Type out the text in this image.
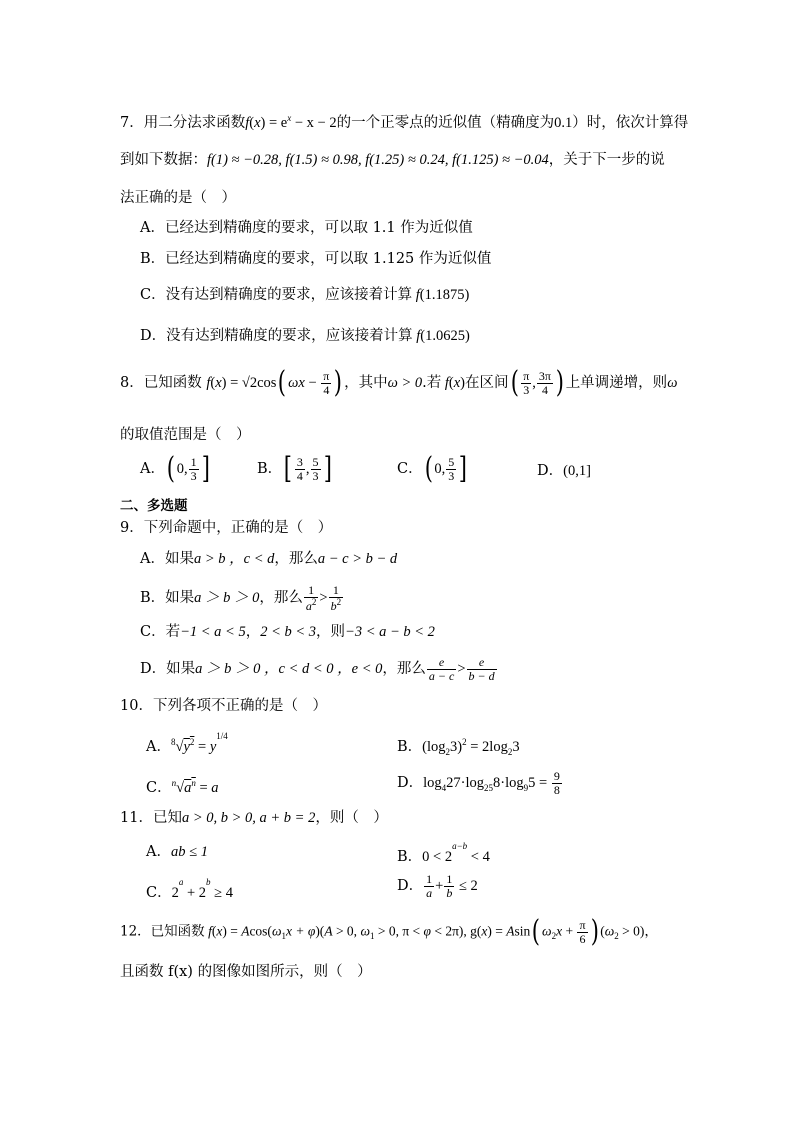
7．用二分法求函数$f(x) = e^x - x - 2$的一个正零点的近似值（精确度为0.1）时，依次计算得
到如下数据：f(1) ≈ −0.28, f(1.5) ≈ 0.98, f(1.25) ≈ 0.24, f(1.125) ≈ −0.04，关于下一步的说
法正确的是（　）
A．已经达到精确度的要求，可以取 1.1 作为近似值
B．已经达到精确度的要求，可以取 1.125 作为近似值
C．没有达到精确度的要求，应该接着计算 f(1.1875)
D．没有达到精确度的要求，应该接着计算 f(1.0625)
8．已知函数 f(x) = √2cos( $\omega x - \frac{\pi}{4}$ ) ，其中ω > 0.若 f(x)在区间( $\frac{\pi}{3}$ , $\frac{3\pi}{4}$ ) 上单调递增，则ω
的取值范围是（　）
A．( 0, $\frac{1}{3}$ ]	B．[ $\frac{3}{4}$ , $\frac{5}{3}$ ]	C．( 0, $\frac{5}{3}$ ]	D．(0,1]
二、多选题
9．下列命题中，正确的是（　）
A．如果a > b ，c < d，那么a − c > b − d
B．如果a ＞ b ＞ 0，那么 $\frac{1}{a^2} > \frac{1}{b^2}$
C．若−1 < a < 5，2 < b < 3，则−3 < a − b < 2
D．如果a ＞ b ＞ 0 ，c < d < 0 ，e < 0，那么 $\frac{e}{a - c} > \frac{e}{b - d}$
10．下列各项不正确的是（　）
A．$^8√y^2 = y^{1/4}$
B．$(\log_23)^2 = 2\log_23$
C．$^n√a^n = a$	D．$\log_427\cdot\log_{25}8\cdot\log_95 = \frac{9}{8}$
11．已知a > 0, b > 0, a + b = 2，则（　）
A．ab ≤ 1	B．$0 < 2^{a-b} < 4$
C．$2^a + 2^b \ge 4$	D． $\frac{1}{a} + \frac{1}{b} \le 2$
12．已知函数 $f(x) = Acos(\omega_1x + \varphi)(A > 0$, $\omega_1 > 0$, π < φ < 2π), g(x) = Asin( $\omega_2x + \frac{\pi}{6}$ ) $(\omega_2 > 0)$，
且函数 f(x) 的图像如图所示，则（　）
